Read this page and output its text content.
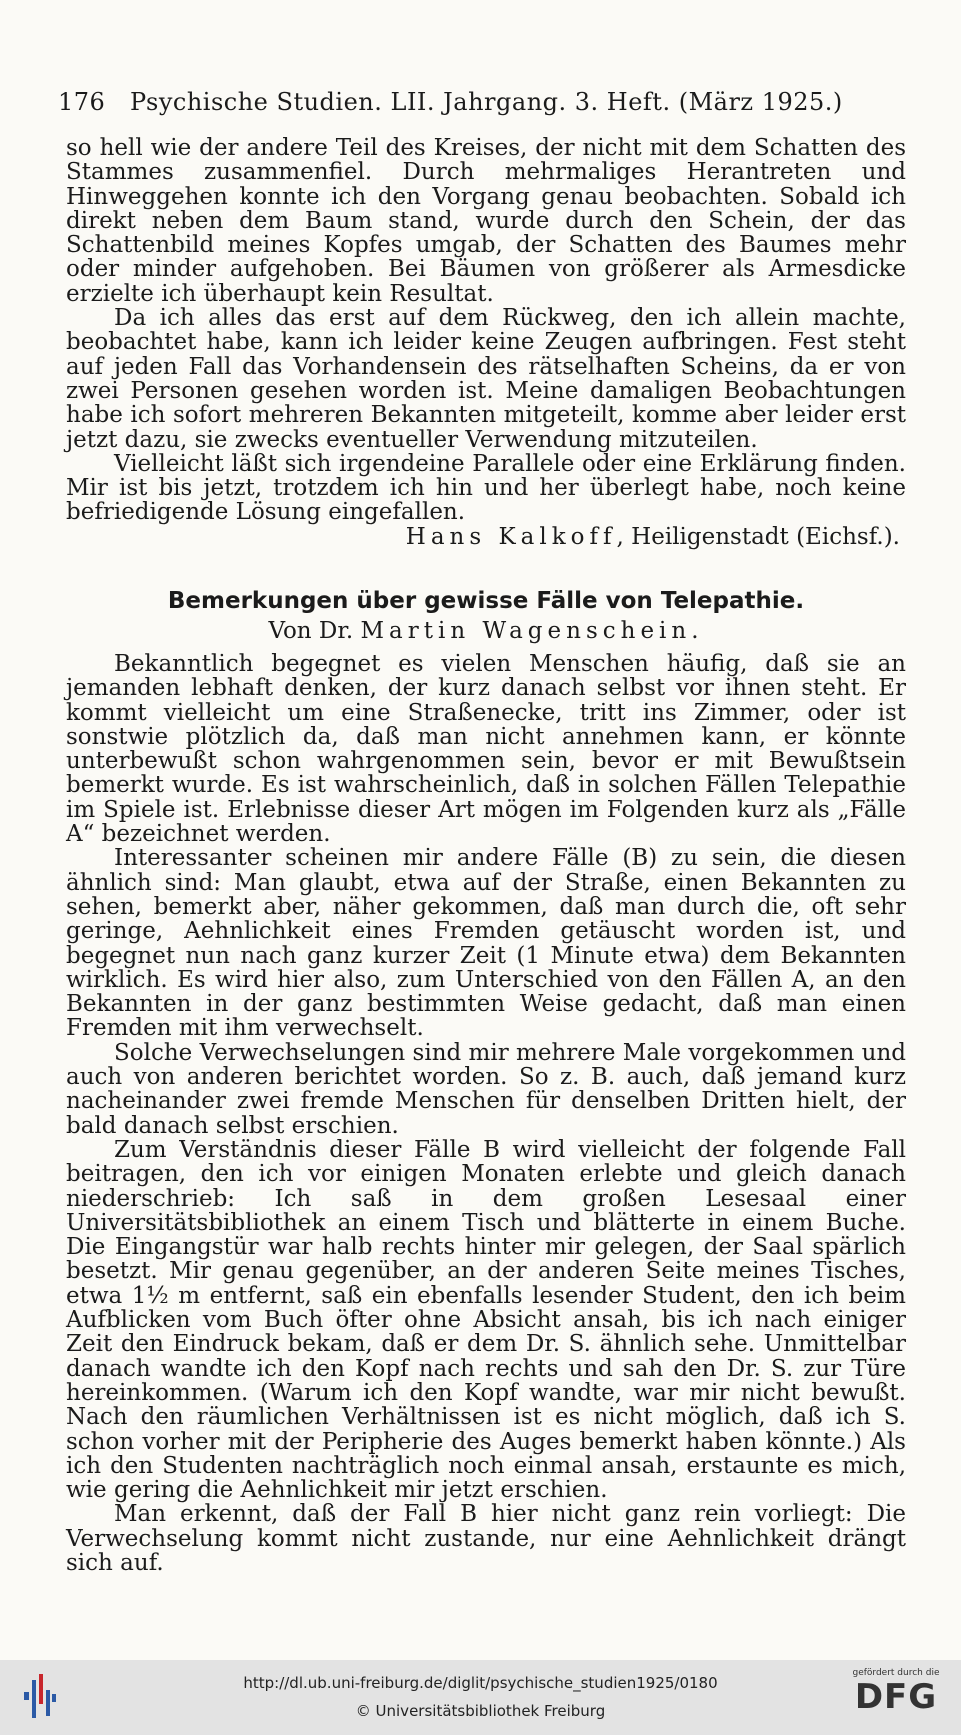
176 Psychische Studien. LII. Jahrgang. 3. Heft. (März 1925.)

so hell wie der andere Teil des Kreises, der nicht mit dem Schatten des Stammes zusammenfiel. Durch mehrmaliges Herantreten und Hinweggehen konnte ich den Vorgang genau beobachten. Sobald ich direkt neben dem Baum stand, wurde durch den Schein, der das Schattenbild meines Kopfes umgab, der Schatten des Baumes mehr oder minder aufgehoben. Bei Bäumen von größerer als Armesdicke erzielte ich überhaupt kein Resultat.

Da ich alles das erst auf dem Rückweg, den ich allein machte, beobachtet habe, kann ich leider keine Zeugen aufbringen. Fest steht auf jeden Fall das Vorhandensein des rätselhaften Scheins, da er von zwei Personen gesehen worden ist. Meine damaligen Beobachtungen habe ich sofort mehreren Bekannten mitgeteilt, komme aber leider erst jetzt dazu, sie zwecks eventueller Verwendung mitzuteilen.

Vielleicht läßt sich irgendeine Parallele oder eine Erklärung finden. Mir ist bis jetzt, trotzdem ich hin und her überlegt habe, noch keine befriedigende Lösung eingefallen.

Hans Kalkoff, Heiligenstadt (Eichsf.).
Bemerkungen über gewisse Fälle von Telepathie.
Von Dr. Martin Wagenschein.

Bekanntlich begegnet es vielen Menschen häufig, daß sie an jemanden lebhaft denken, der kurz danach selbst vor ihnen steht. Er kommt vielleicht um eine Straßenecke, tritt ins Zimmer, oder ist sonstwie plötzlich da, daß man nicht annehmen kann, er könnte unterbewußt schon wahrgenommen sein, bevor er mit Bewußtsein bemerkt wurde. Es ist wahrscheinlich, daß in solchen Fällen Telepathie im Spiele ist. Erlebnisse dieser Art mögen im Folgenden kurz als „Fälle A“ bezeichnet werden.

Interessanter scheinen mir andere Fälle (B) zu sein, die diesen ähnlich sind: Man glaubt, etwa auf der Straße, einen Bekannten zu sehen, bemerkt aber, näher gekommen, daß man durch die, oft sehr geringe, Aehnlichkeit eines Fremden getäuscht worden ist, und begegnet nun nach ganz kurzer Zeit (1 Minute etwa) dem Bekannten wirklich. Es wird hier also, zum Unterschied von den Fällen A, an den Bekannten in der ganz bestimmten Weise gedacht, daß man einen Fremden mit ihm verwechselt.

Solche Verwechselungen sind mir mehrere Male vorgekommen und auch von anderen berichtet worden. So z. B. auch, daß jemand kurz nacheinander zwei fremde Menschen für denselben Dritten hielt, der bald danach selbst erschien.

Zum Verständnis dieser Fälle B wird vielleicht der folgende Fall beitragen, den ich vor einigen Monaten erlebte und gleich danach niederschrieb: Ich saß in dem großen Lesesaal einer Universitätsbibliothek an einem Tisch und blätterte in einem Buche. Die Eingangstür war halb rechts hinter mir gelegen, der Saal spärlich besetzt. Mir genau gegenüber, an der anderen Seite meines Tisches, etwa 1½ m entfernt, saß ein ebenfalls lesender Student, den ich beim Aufblicken vom Buch öfter ohne Absicht ansah, bis ich nach einiger Zeit den Eindruck bekam, daß er dem Dr. S. ähnlich sehe. Unmittelbar danach wandte ich den Kopf nach rechts und sah den Dr. S. zur Türe hereinkommen. (Warum ich den Kopf wandte, war mir nicht bewußt. Nach den räumlichen Verhältnissen ist es nicht möglich, daß ich S. schon vorher mit der Peripherie des Auges bemerkt haben könnte.) Als ich den Studenten nachträglich noch einmal ansah, erstaunte es mich, wie gering die Aehnlichkeit mir jetzt erschien.

Man erkennt, daß der Fall B hier nicht ganz rein vorliegt: Die Verwechselung kommt nicht zustande, nur eine Aehnlichkeit drängt sich auf.

http://dl.ub.uni-freiburg.de/diglit/psychische_studien1925/0180
© Universitätsbibliothek Freiburg
gefördert durch die
DFG
